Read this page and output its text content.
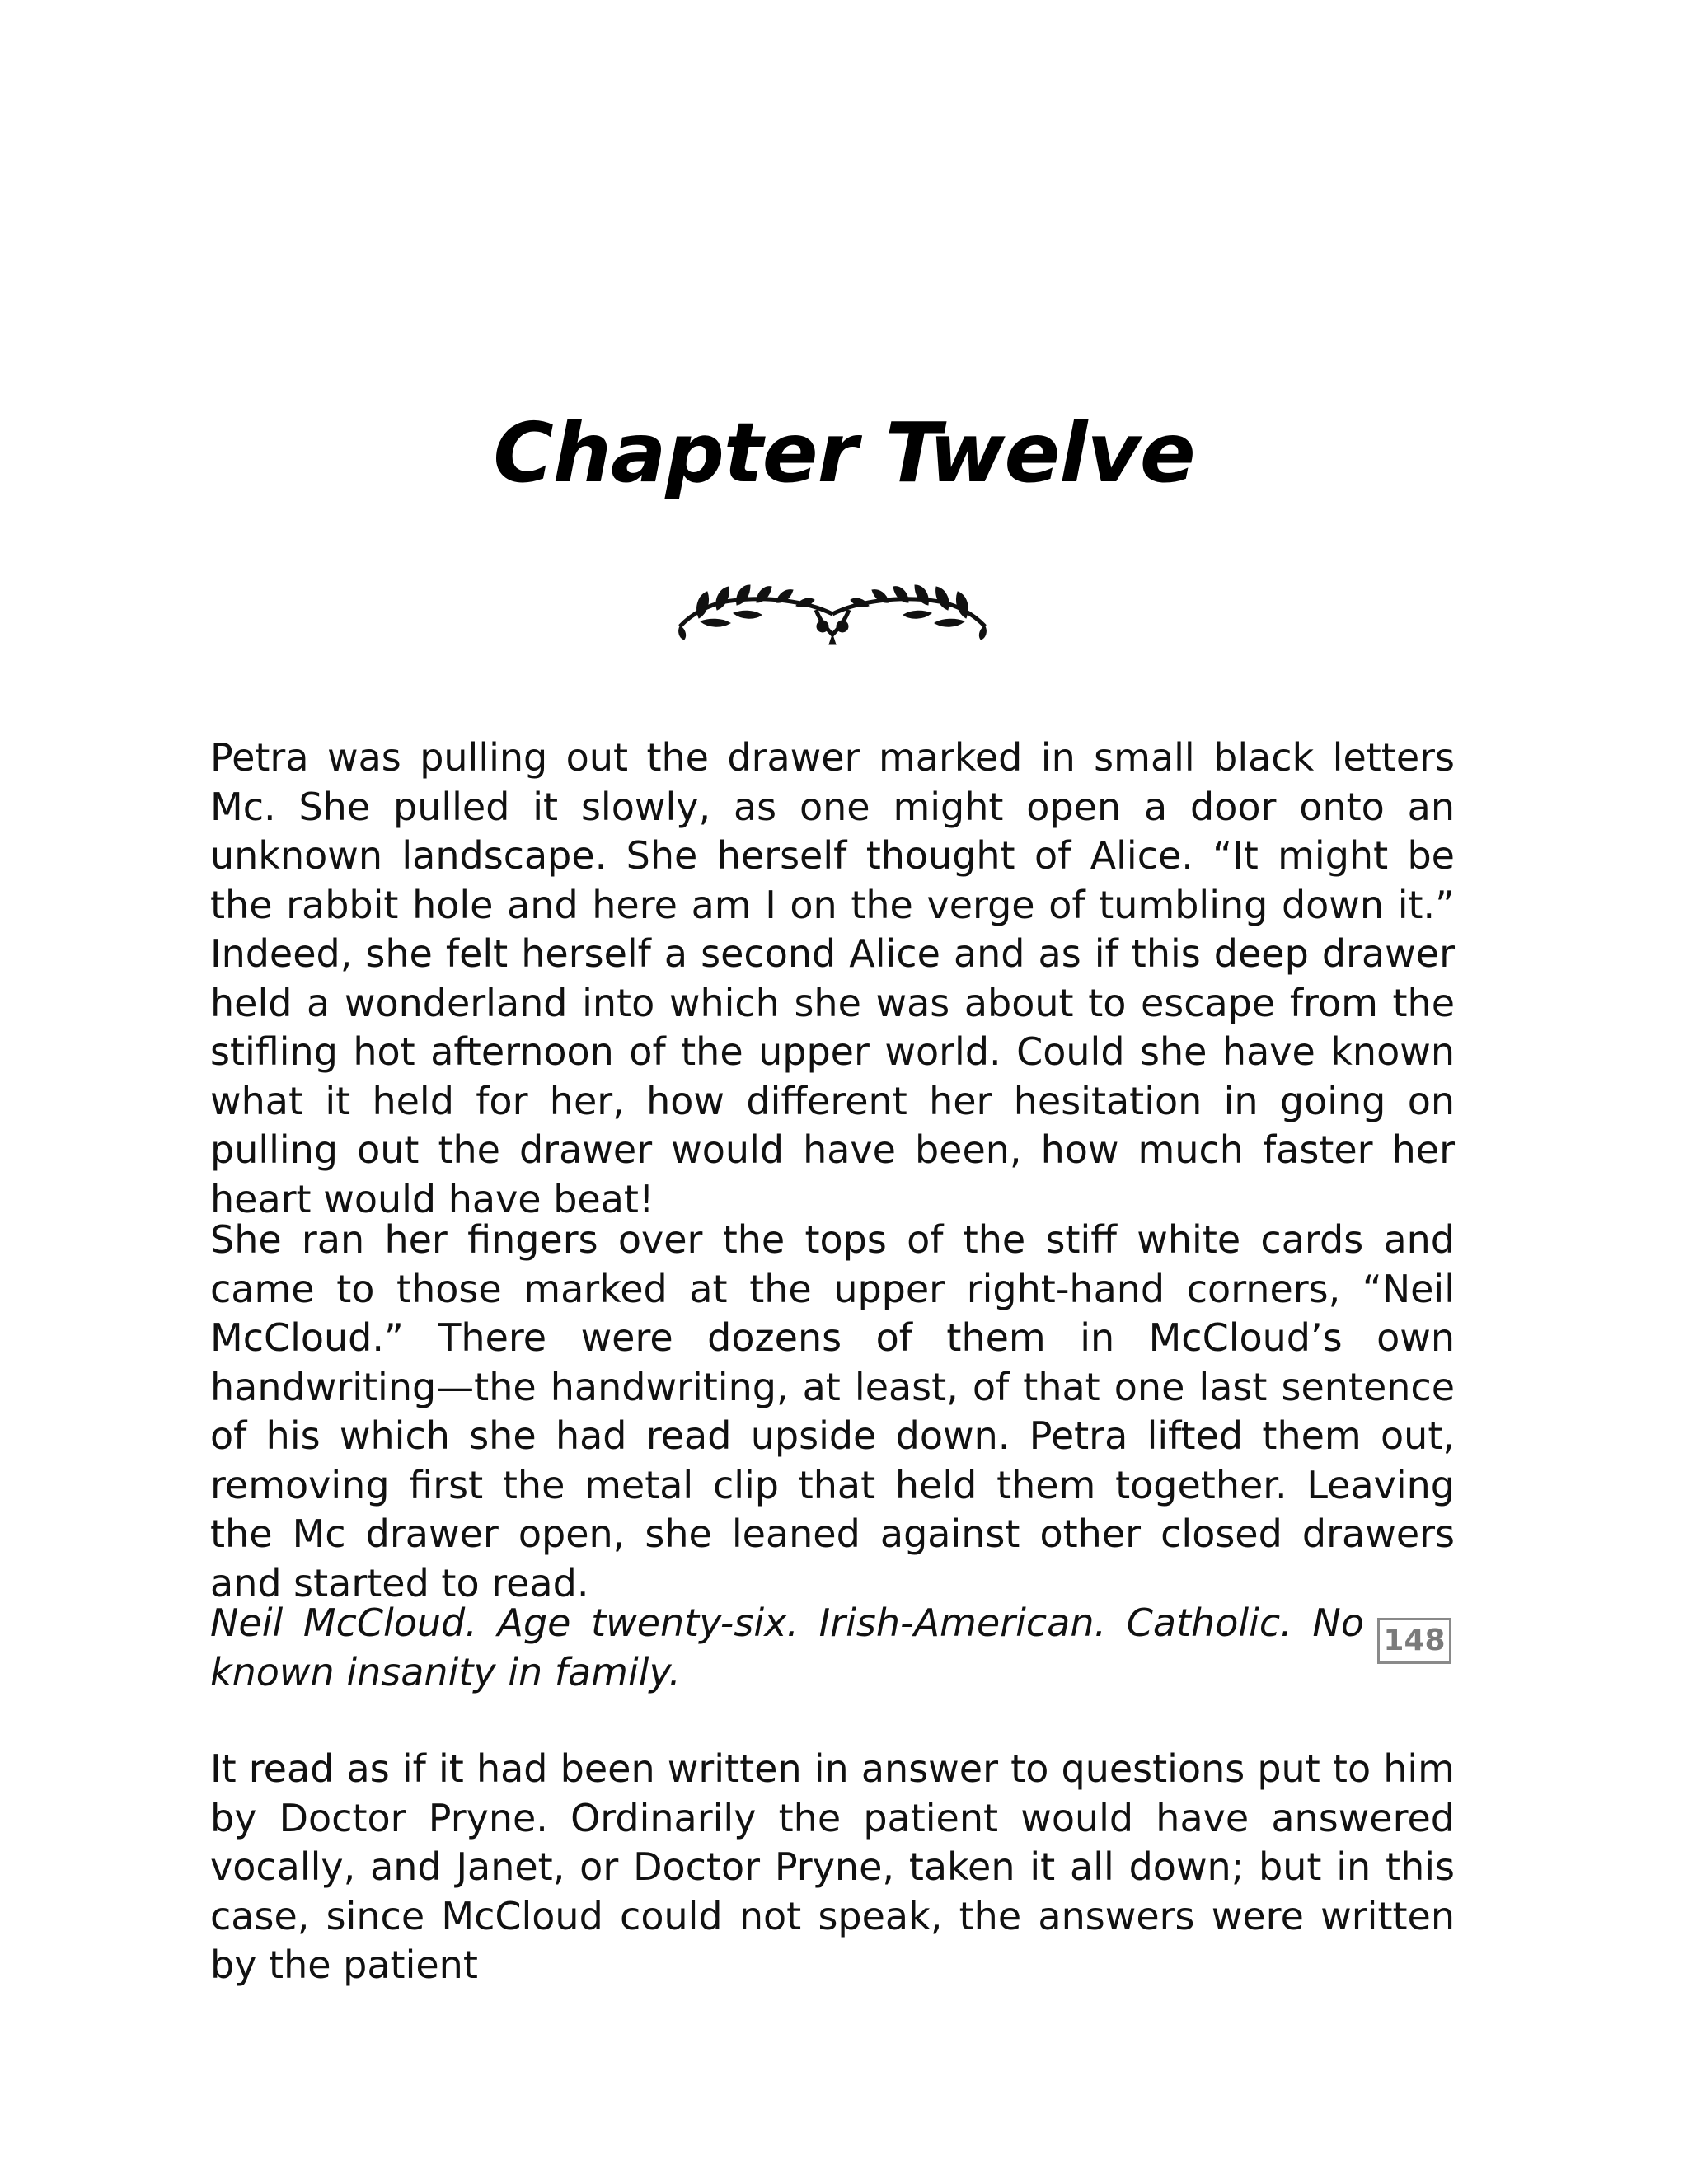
Chapter Twelve

Petra was pulling out the drawer marked in small black letters Mc. She pulled it slowly, as one might open a door onto an unknown landscape. She herself thought of Alice. “It might be the rabbit hole and here am I on the verge of tumbling down it.” Indeed, she felt herself a second Alice and as if this deep drawer held a wonderland into which she was about to escape from the stifling hot afternoon of the upper world. Could she have known what it held for her, how different her hesitation in going on pulling out the drawer would have been, how much faster her heart would have beat!

She ran her fingers over the tops of the stiff white cards and came to those marked at the upper right-hand corners, “Neil McCloud.” There were dozens of them in McCloud’s own handwriting—the handwriting, at least, of that one last sentence of his which she had read upside down. Petra lifted them out, removing first the metal clip that held them together. Leaving the Mc drawer open, she leaned against other closed drawers and started to read.

Neil McCloud. Age twenty-six. Irish-American. Catholic. No known insanity in family.

148

It read as if it had been written in answer to questions put to him by Doctor Pryne. Ordinarily the patient would have answered vocally, and Janet, or Doctor Pryne, taken it all down; but in this case, since McCloud could not speak, the answers were written by the patient
